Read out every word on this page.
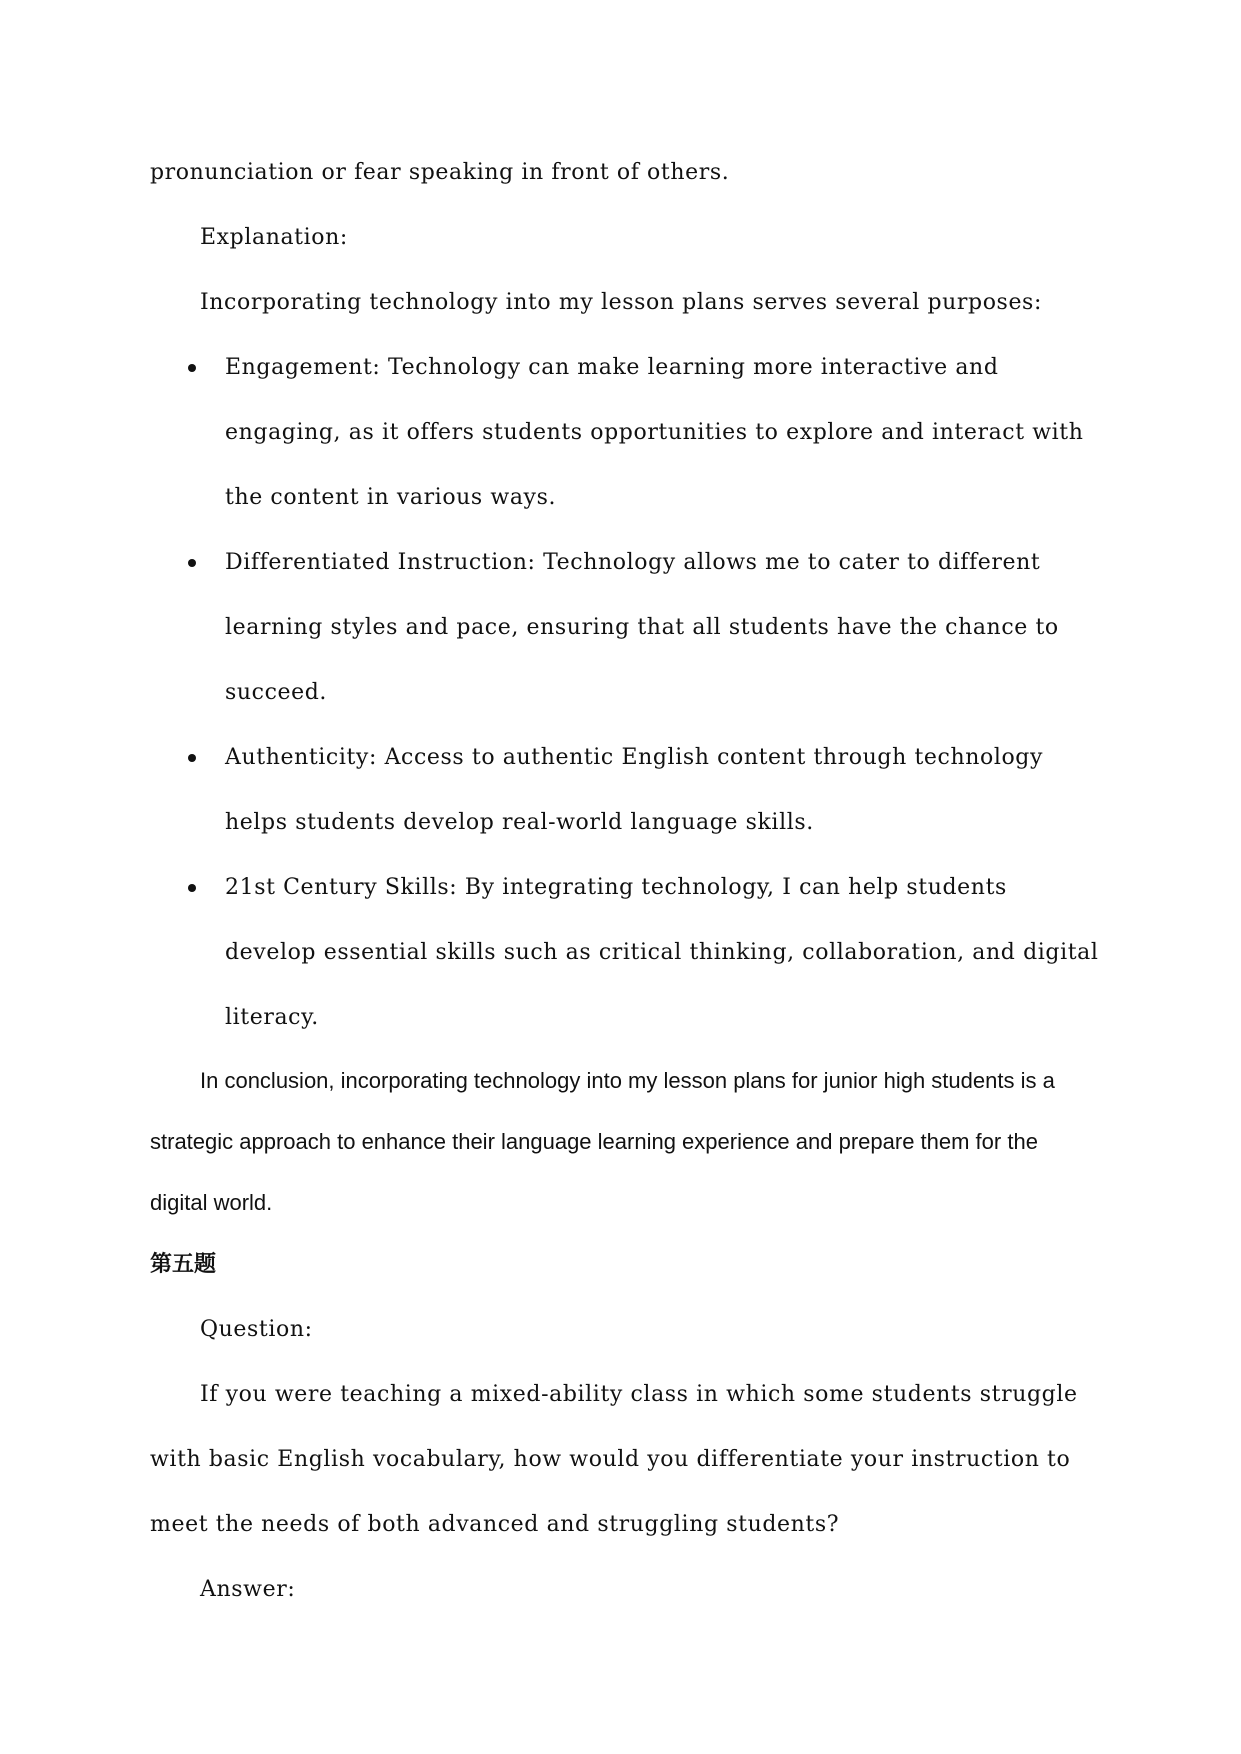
pronunciation or fear speaking in front of others.

Explanation:

Incorporating technology into my lesson plans serves several purposes:

Engagement: Technology can make learning more interactive and engaging, as it offers students opportunities to explore and interact with the content in various ways.
Differentiated Instruction: Technology allows me to cater to different learning styles and pace, ensuring that all students have the chance to succeed.
Authenticity: Access to authentic English content through technology helps students develop real-world language skills.
21st Century Skills: By integrating technology, I can help students develop essential skills such as critical thinking, collaboration, and digital literacy.

In conclusion, incorporating technology into my lesson plans for junior high students is a strategic approach to enhance their language learning experience and prepare them for the digital world.

第五题

Question:

If you were teaching a mixed-ability class in which some students struggle with basic English vocabulary, how would you differentiate your instruction to meet the needs of both advanced and struggling students?

Answer:
